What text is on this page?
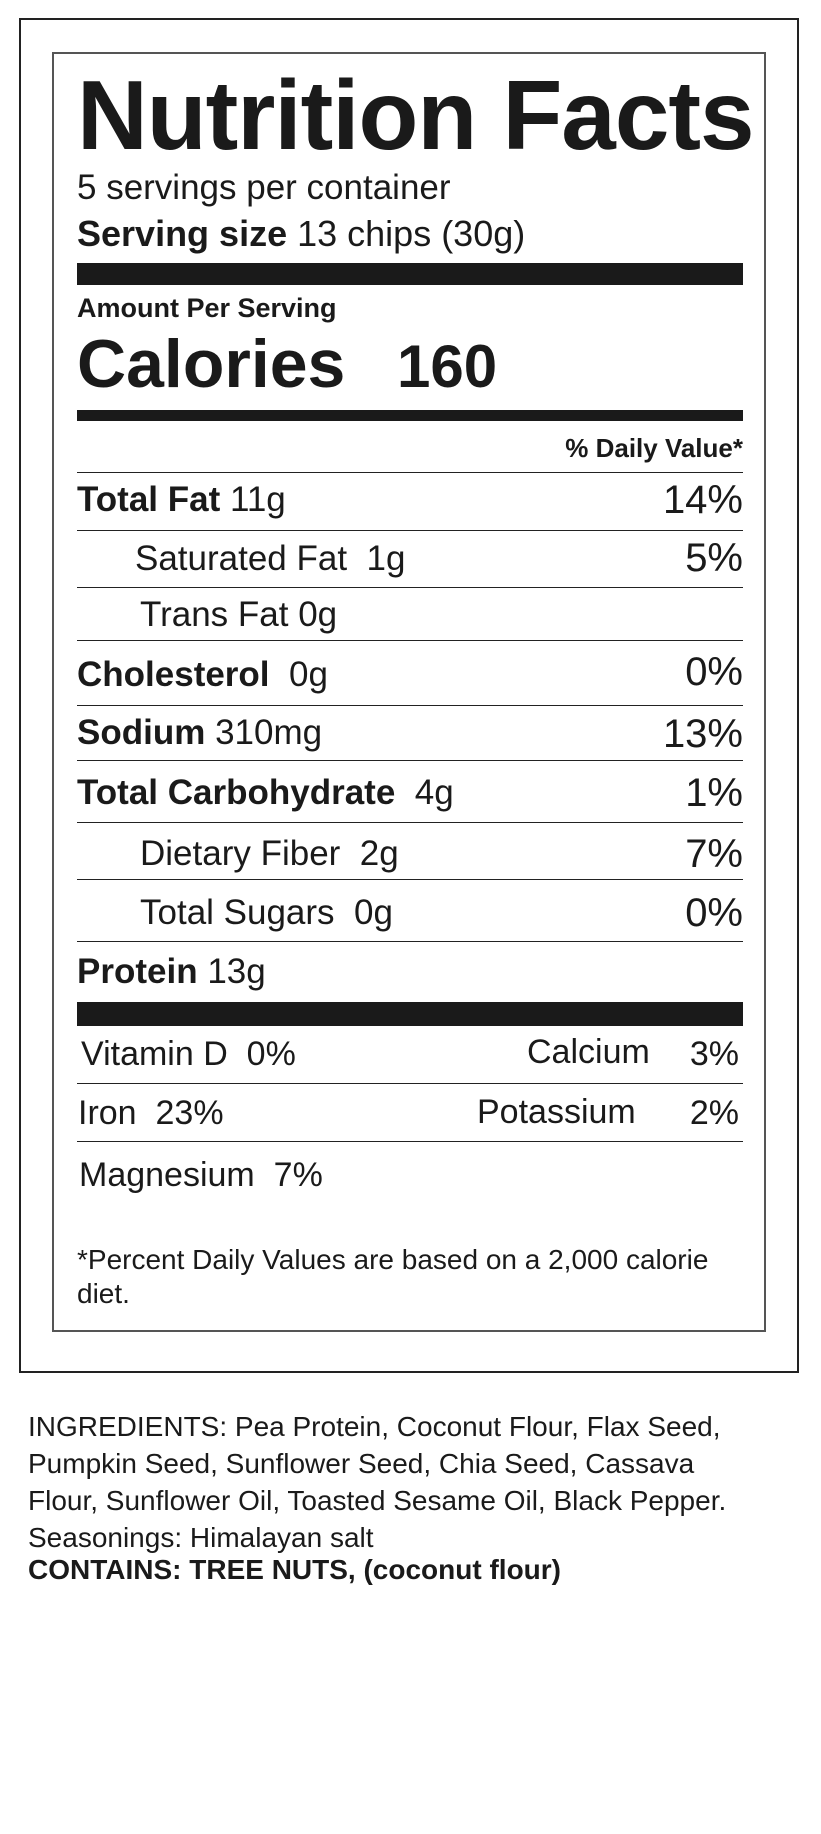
Nutrition Facts
5 servings per container
Serving size 13 chips (30g)
Amount Per Serving
Calories 160
% Daily Value*
Total Fat 11g	14%
Saturated Fat 1g	5%
Trans Fat 0g
Cholesterol 0g	0%
Sodium 310mg	13%
Total Carbohydrate 4g	1%
Dietary Fiber 2g	7%
Total Sugars 0g	0%
Protein 13g
Vitamin D 0%	Calcium 3%
Iron 23%	Potassium 2%
Magnesium 7%
*Percent Daily Values are based on a 2,000 calorie diet.
INGREDIENTS: Pea Protein, Coconut Flour, Flax Seed, Pumpkin Seed, Sunflower Seed, Chia Seed, Cassava Flour, Sunflower Oil, Toasted Sesame Oil, Black Pepper. Seasonings: Himalayan salt
CONTAINS: TREE NUTS, (coconut flour)
